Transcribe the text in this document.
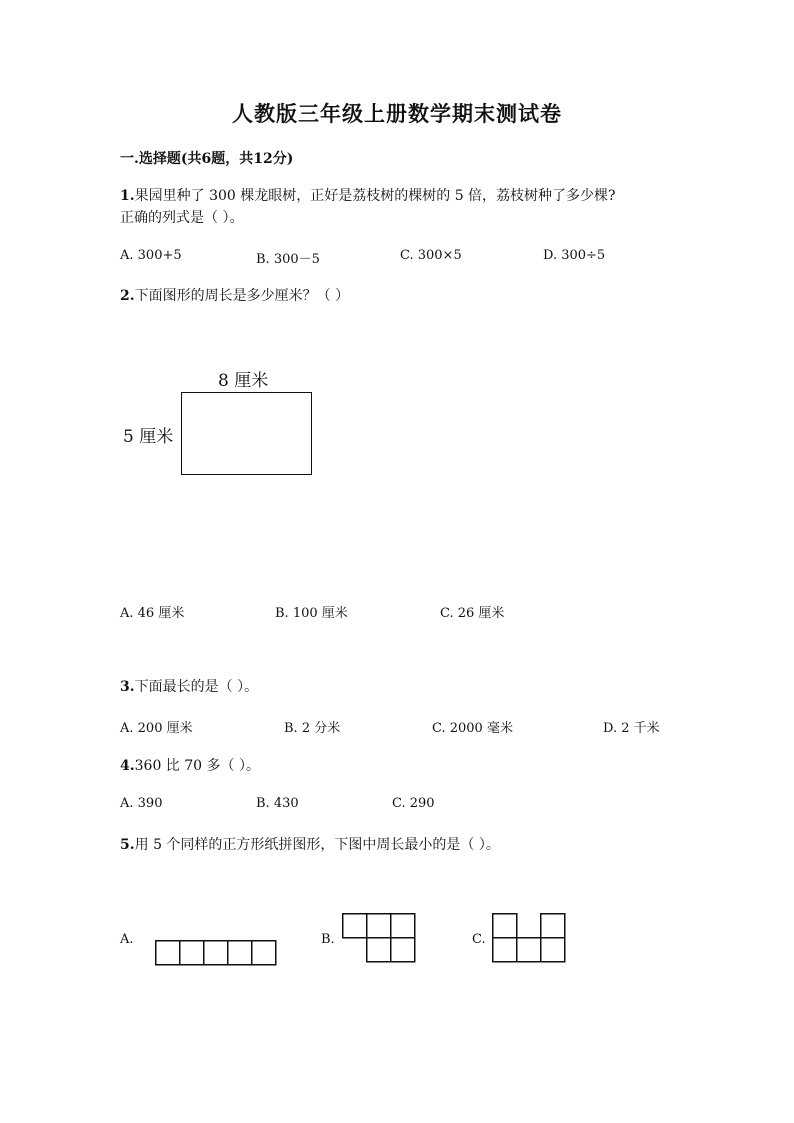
人教版三年级上册数学期末测试卷
一.选择题(共6题，共12分)
1.果园里种了 300 棵龙眼树，正好是荔枝树的棵树的 5 倍，荔枝树种了多少棵?
正确的列式是（ ）。
A. 300+5	B. 300－5	C. 300×5	D. 300÷5
2.下面图形的周长是多少厘米？（ ）
8 厘米
5 厘米
A. 46 厘米	B. 100 厘米	C. 26 厘米
3.下面最长的是（ ）。
A. 200 厘米	B. 2 分米	C. 2000 毫米	D. 2 千米
4.360 比 70 多（ ）。
A. 390	B. 430	C. 290
5.用 5 个同样的正方形纸拼图形，下图中周长最小的是（ ）。
A.	B.	C.
